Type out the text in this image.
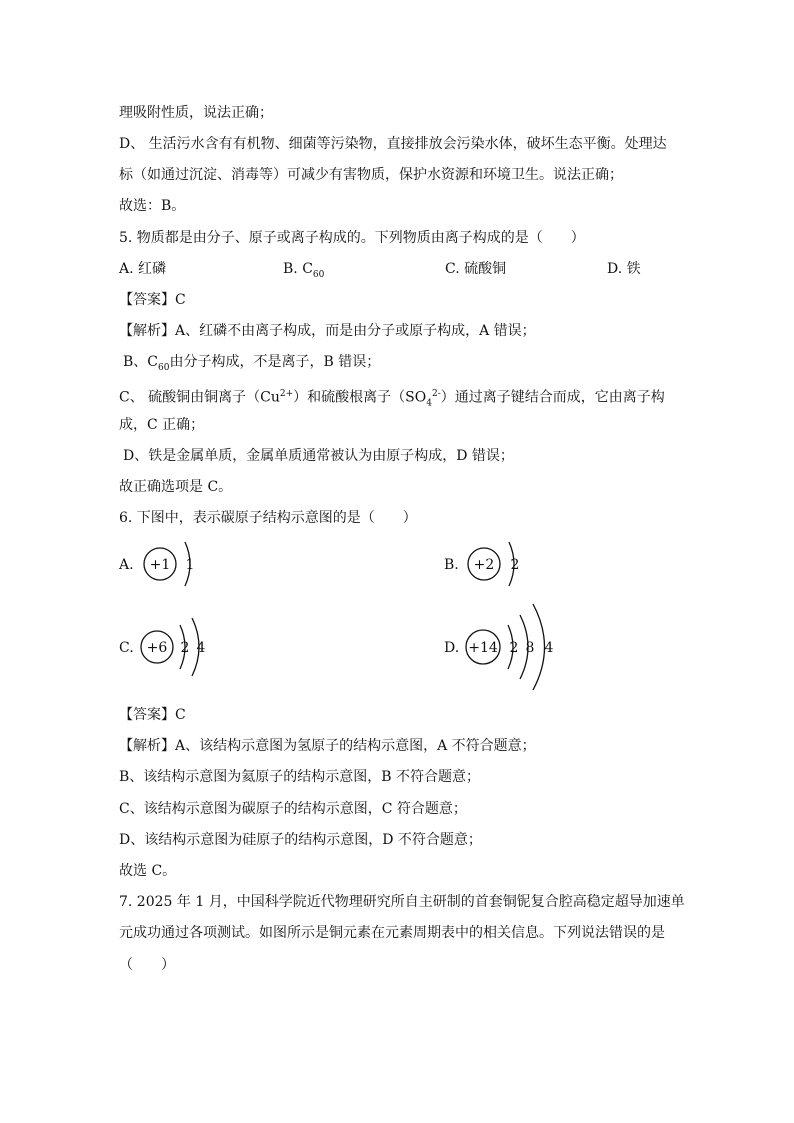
理吸附性质，说法正确；
D、 生活污水含有有机物、细菌等污染物，直接排放会污染水体，破坏生态平衡。处理达
标（如通过沉淀、消毒等）可减少有害物质，保护水资源和环境卫生。说法正确；
故选：B。
5. 物质都是由分子、原子或离子构成的。下列物质由离子构成的是（　　）
A. 红磷	B. $C_{60}$	C. 硫酸铜	D. 铁
【答案】C
【解析】A、红磷不由离子构成，而是由分子或原子构成，A 错误；
B、$C_{60}$由分子构成，不是离子，B 错误；
C、 硫酸铜由铜离子$(Cu^{2+})$和硫酸根离子$(SO_4^{2-})$通过离子键结合而成，它由离子构
成，C 正确；
D、铁是金属单质，金属单质通常被认为由原子构成，D 错误；
故正确选项是 C。
6. 下图中，表示碳原子结构示意图的是（　　）
A. +1 1	B. +2 2
C. +6 2 4	D. +14 2 8 4
【答案】C
【解析】A、该结构示意图为氢原子的结构示意图，A 不符合题意；
B、该结构示意图为氦原子的结构示意图，B 不符合题意；
C、该结构示意图为碳原子的结构示意图，C 符合题意；
D、该结构示意图为硅原子的结构示意图，D 不符合题意；
故选 C。
7. 2025 年 1 月，中国科学院近代物理研究所自主研制的首套铜铌复合腔高稳定超导加速单
元成功通过各项测试。如图所示是铜元素在元素周期表中的相关信息。下列说法错误的是
（　　）
